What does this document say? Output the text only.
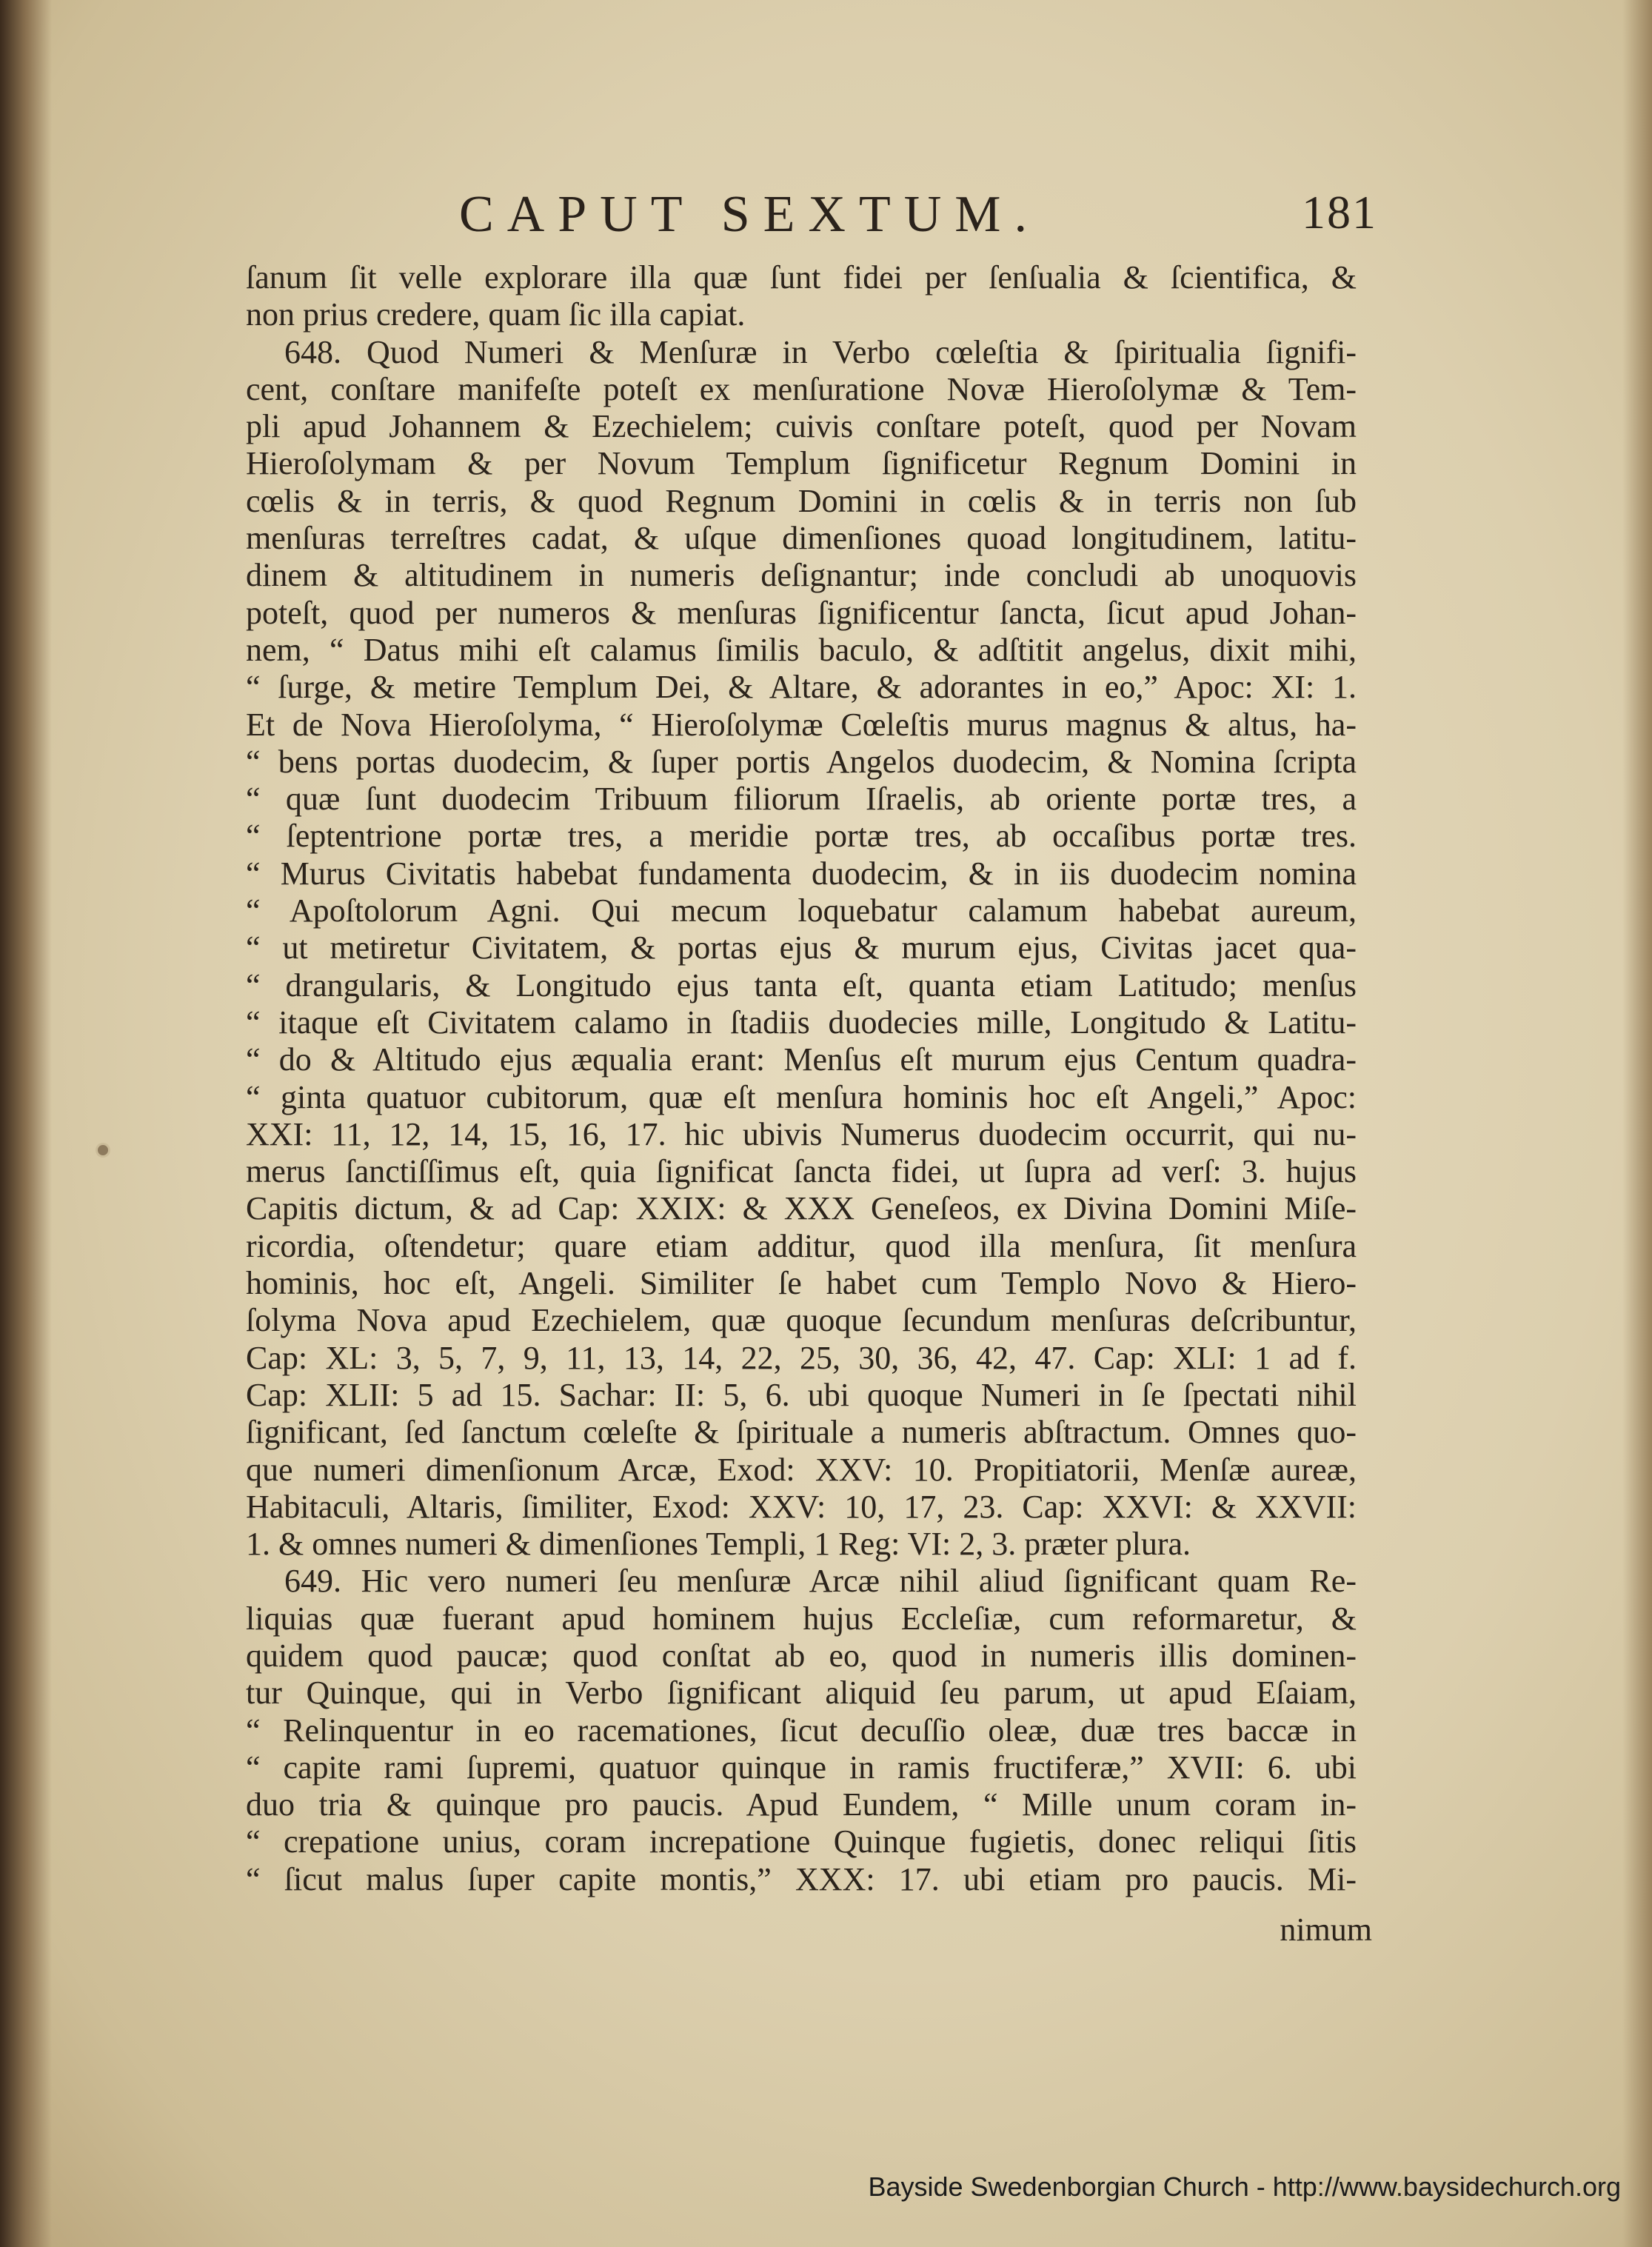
CAPUT SEXTUM.	181
ſanum ſit velle explorare illa quæ ſunt fidei per ſenſualia & ſcientifica, &
non prius credere, quam ſic illa capiat.
648. Quod Numeri & Menſuræ in Verbo cœleſtia & ſpiritualia ſignifi-
cent, conſtare manifeſte poteſt ex menſuratione Novæ Hieroſolymæ & Tem-
pli apud Johannem & Ezechielem; cuivis conſtare poteſt, quod per Novam
Hieroſolymam & per Novum Templum ſignificetur Regnum Domini in
cœlis & in terris, & quod Regnum Domini in cœlis & in terris non ſub
menſuras terreſtres cadat, & uſque dimenſiones quoad longitudinem, latitu-
dinem & altitudinem in numeris deſignantur; inde concludi ab unoquovis
poteſt, quod per numeros & menſuras ſignificentur ſancta, ſicut apud Johan-
nem, “ Datus mihi eſt calamus ſimilis baculo, & adſtitit angelus, dixit mihi,
“ ſurge, & metire Templum Dei, & Altare, & adorantes in eo,” Apoc: XI: 1.
Et de Nova Hieroſolyma, “ Hieroſolymæ Cœleſtis murus magnus & altus, ha-
“ bens portas duodecim, & ſuper portis Angelos duodecim, & Nomina ſcripta
“ quæ ſunt duodecim Tribuum filiorum Iſraelis, ab oriente portæ tres, a
“ ſeptentrione portæ tres, a meridie portæ tres, ab occaſibus portæ tres.
“ Murus Civitatis habebat fundamenta duodecim, & in iis duodecim nomina
“ Apoſtolorum Agni. Qui mecum loquebatur calamum habebat aureum,
“ ut metiretur Civitatem, & portas ejus & murum ejus, Civitas jacet qua-
“ drangularis, & Longitudo ejus tanta eſt, quanta etiam Latitudo; menſus
“ itaque eſt Civitatem calamo in ſtadiis duodecies mille, Longitudo & Latitu-
“ do & Altitudo ejus æqualia erant: Menſus eſt murum ejus Centum quadra-
“ ginta quatuor cubitorum, quæ eſt menſura hominis hoc eſt Angeli,” Apoc:
XXI: 11, 12, 14, 15, 16, 17. hic ubivis Numerus duodecim occurrit, qui nu-
merus ſanctiſſimus eſt, quia ſignificat ſancta fidei, ut ſupra ad verſ: 3. hujus
Capitis dictum, & ad Cap: XXIX: & XXX Geneſeos, ex Divina Domini Miſe-
ricordia, oſtendetur; quare etiam additur, quod illa menſura, ſit menſura
hominis, hoc eſt, Angeli. Similiter ſe habet cum Templo Novo & Hiero-
ſolyma Nova apud Ezechielem, quæ quoque ſecundum menſuras deſcribuntur,
Cap: XL: 3, 5, 7, 9, 11, 13, 14, 22, 25, 30, 36, 42, 47. Cap: XLI: 1 ad f.
Cap: XLII: 5 ad 15. Sachar: II: 5, 6. ubi quoque Numeri in ſe ſpectati nihil
ſignificant, ſed ſanctum cœleſte & ſpirituale a numeris abſtractum. Omnes quo-
que numeri dimenſionum Arcæ, Exod: XXV: 10. Propitiatorii, Menſæ aureæ,
Habitaculi, Altaris, ſimiliter, Exod: XXV: 10, 17, 23. Cap: XXVI: & XXVII:
1. & omnes numeri & dimenſiones Templi, 1 Reg: VI: 2, 3. præter plura.
649. Hic vero numeri ſeu menſuræ Arcæ nihil aliud ſignificant quam Re-
liquias quæ fuerant apud hominem hujus Eccleſiæ, cum reformaretur, &
quidem quod paucæ; quod conſtat ab eo, quod in numeris illis dominen-
tur Quinque, qui in Verbo ſignificant aliquid ſeu parum, ut apud Eſaiam,
“ Relinquentur in eo racemationes, ſicut decuſſio oleæ, duæ tres baccæ in
“ capite rami ſupremi, quatuor quinque in ramis fructiferæ,” XVII: 6. ubi
duo tria & quinque pro paucis. Apud Eundem, “ Mille unum coram in-
“ crepatione unius, coram increpatione Quinque fugietis, donec reliqui ſitis
“ ſicut malus ſuper capite montis,” XXX: 17. ubi etiam pro paucis. Mi-
nimum
Bayside Swedenborgian Church - http://www.baysidechurch.org
